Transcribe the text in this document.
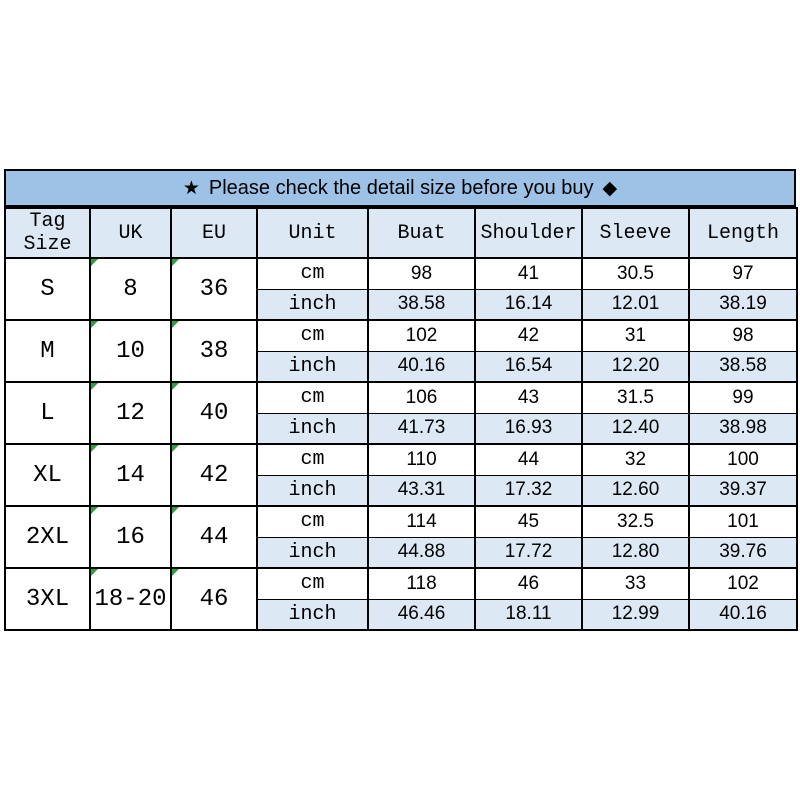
★ Please check the detail size before you buy ◆
Tag Size	UK	EU	Unit	Buat	Shoulder	Sleeve	Length
S	8	36	cm	98	41	30.5	97
			inch	38.58	16.14	12.01	38.19
M	10	38	cm	102	42	31	98
			inch	40.16	16.54	12.20	38.58
L	12	40	cm	106	43	31.5	99
			inch	41.73	16.93	12.40	38.98
XL	14	42	cm	110	44	32	100
			inch	43.31	17.32	12.60	39.37
2XL	16	44	cm	114	45	32.5	101
			inch	44.88	17.72	12.80	39.76
3XL	18-20	46	cm	118	46	33	102
			inch	46.46	18.11	12.99	40.16
